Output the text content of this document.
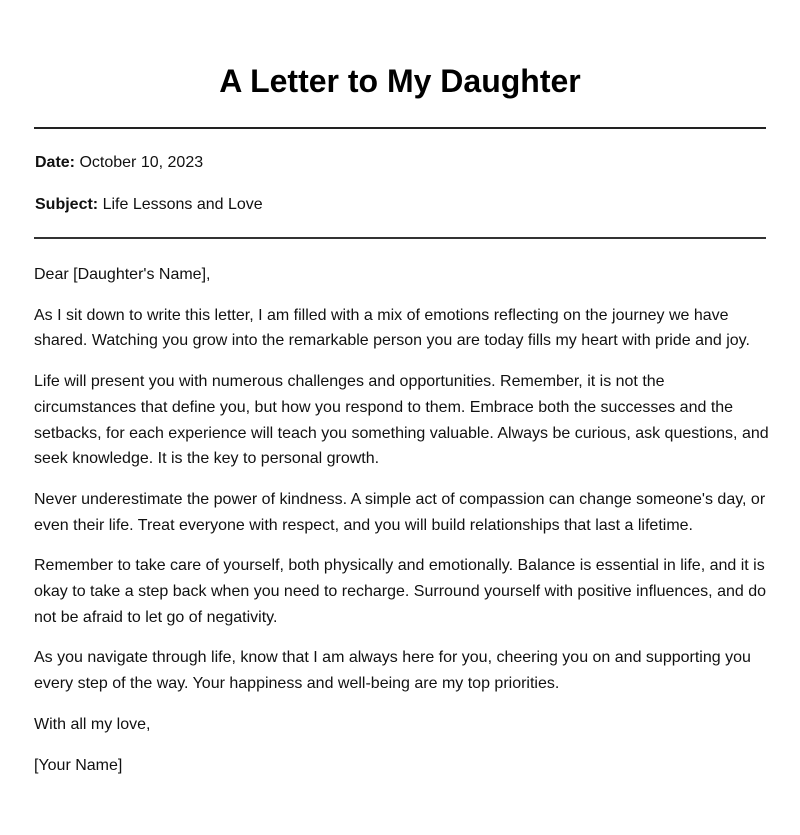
A Letter to My Daughter
Date: October 10, 2023
Subject: Life Lessons and Love

Dear [Daughter's Name],

As I sit down to write this letter, I am filled with a mix of emotions reflecting on the journey we have shared. Watching you grow into the remarkable person you are today fills my heart with pride and joy.

Life will present you with numerous challenges and opportunities. Remember, it is not the circumstances that define you, but how you respond to them. Embrace both the successes and the setbacks, for each experience will teach you something valuable. Always be curious, ask questions, and seek knowledge. It is the key to personal growth.

Never underestimate the power of kindness. A simple act of compassion can change someone's day, or even their life. Treat everyone with respect, and you will build relationships that last a lifetime.

Remember to take care of yourself, both physically and emotionally. Balance is essential in life, and it is okay to take a step back when you need to recharge. Surround yourself with positive influences, and do not be afraid to let go of negativity.

As you navigate through life, know that I am always here for you, cheering you on and supporting you every step of the way. Your happiness and well-being are my top priorities.

With all my love,

[Your Name]
